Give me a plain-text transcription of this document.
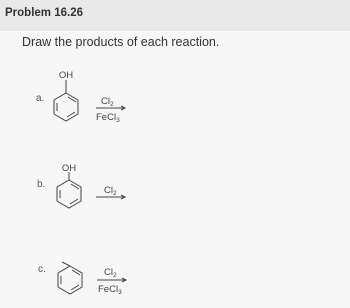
Problem 16.26
Draw the products of each reaction.
a.
b.
c.
OH
$Cl_2$
FeCl$_3$
OH
$Cl_2$
$Cl_2$
FeCl$_3$
